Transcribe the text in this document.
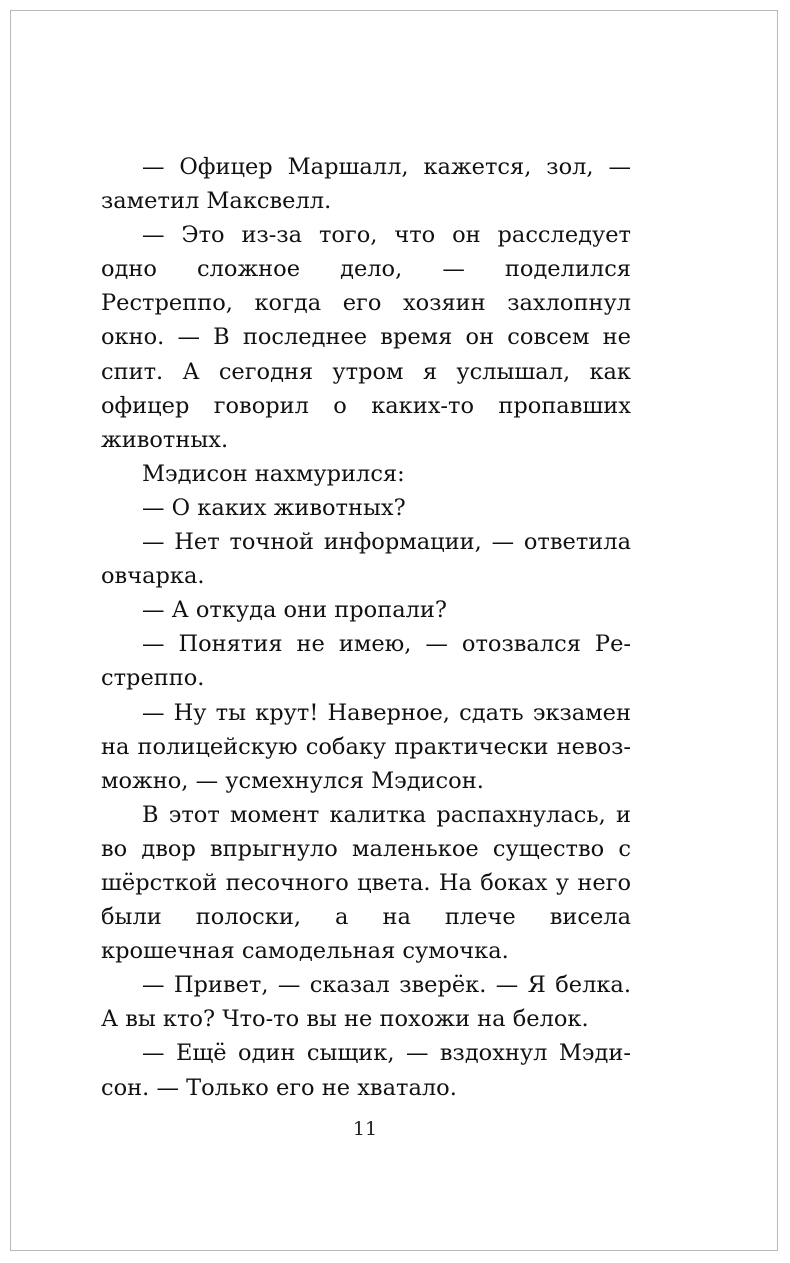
— Офицер Маршалл, кажется, зол, — заметил Максвелл.

— Это из-за того, что он расследует одно сложное дело, — поделился Рестреппо, когда его хозяин захлопнул окно. — В последнее время он совсем не спит. А сегодня утром я услышал, как офицер говорил о каких-то пропавших животных.

Мэдисон нахмурился:

— О каких животных?

— Нет точной информации, — ответила овчарка.

— А откуда они пропали?

— Понятия не имею, — отозвался Рестреппо.

— Ну ты крут! Наверное, сдать экзамен на полицейскую собаку практически невозможно, — усмехнулся Мэдисон.

В этот момент калитка распахнулась, и во двор впрыгнуло маленькое существо с шёрсткой песочного цвета. На боках у него были полоски, а на плече висела крошечная самодельная сумочка.

— Привет, — сказал зверёк. — Я белка. А вы кто? Что-то вы не похожи на белок.

— Ещё один сыщик, — вздохнул Мэдисон. — Только его не хватало.

11
